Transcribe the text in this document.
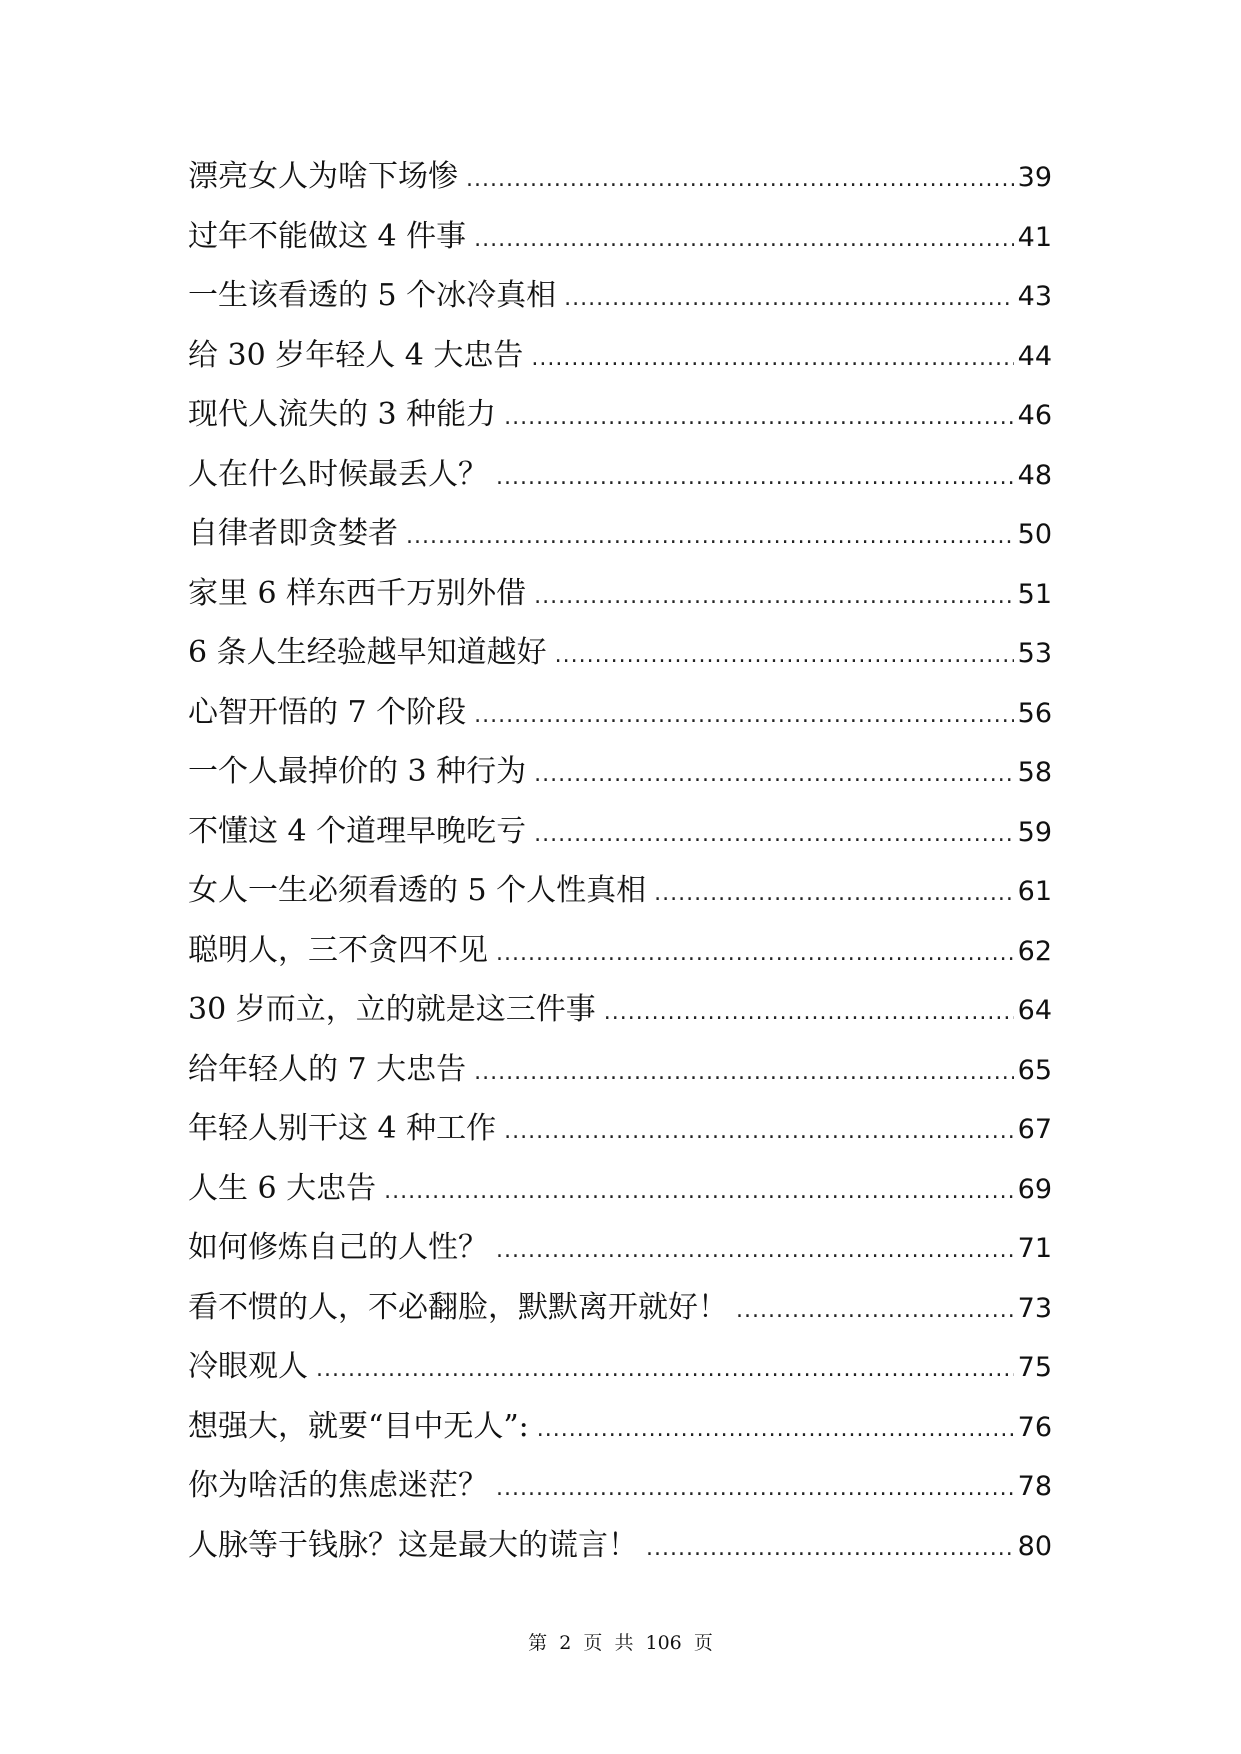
漂亮女人为啥下场惨 .....	39
过年不能做这 4 件事 .....	41
一生该看透的 5 个冰冷真相 .....	43
给 30 岁年轻人 4 大忠告 .....	44
现代人流失的 3 种能力 .....	46
人在什么时候最丢人？ .....	48
自律者即贪婪者 .....	50
家里 6 样东西千万别外借 .....	51
6 条人生经验越早知道越好 .....	53
心智开悟的 7 个阶段 .....	56
一个人最掉价的 3 种行为 .....	58
不懂这 4 个道理早晚吃亏 .....	59
女人一生必须看透的 5 个人性真相 .....	61
聪明人，三不贪四不见 .....	62
30 岁而立，立的就是这三件事 .....	64
给年轻人的 7 大忠告 .....	65
年轻人别干这 4 种工作 .....	67
人生 6 大忠告 .....	69
如何修炼自己的人性？ .....	71
看不惯的人，不必翻脸，默默离开就好！ .....	73
冷眼观人 .....	75
想强大，就要“目中无人”: .....	76
你为啥活的焦虑迷茫？ .....	78
人脉等于钱脉？这是最大的谎言！ .....	80
第 2 页 共 106 页
